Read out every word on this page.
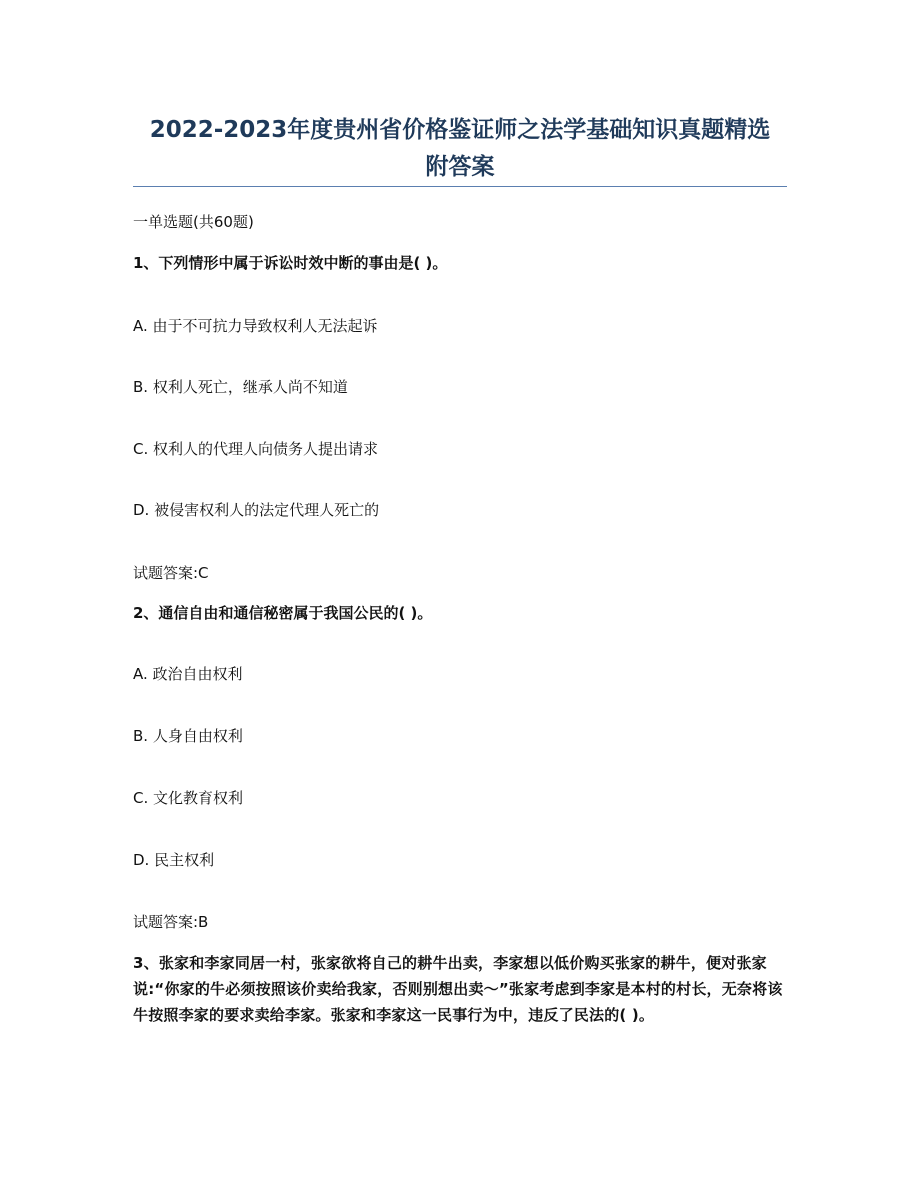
2022-2023年度贵州省价格鉴证师之法学基础知识真题精选
附答案
一单选题(共60题)
1、下列情形中属于诉讼时效中断的事由是( )。
A. 由于不可抗力导致权利人无法起诉
B. 权利人死亡，继承人尚不知道
C. 权利人的代理人向债务人提出请求
D. 被侵害权利人的法定代理人死亡的
试题答案:C
2、通信自由和通信秘密属于我国公民的( )。
A. 政治自由权利
B. 人身自由权利
C. 文化教育权利
D. 民主权利
试题答案:B
3、张家和李家同居一村，张家欲将自己的耕牛出卖，李家想以低价购买张家的耕牛，便对张家说:“你家的牛必须按照该价卖给我家，否则别想出卖～”张家考虑到李家是本村的村长，无奈将该牛按照李家的要求卖给李家。张家和李家这一民事行为中，违反了民法的( )。
